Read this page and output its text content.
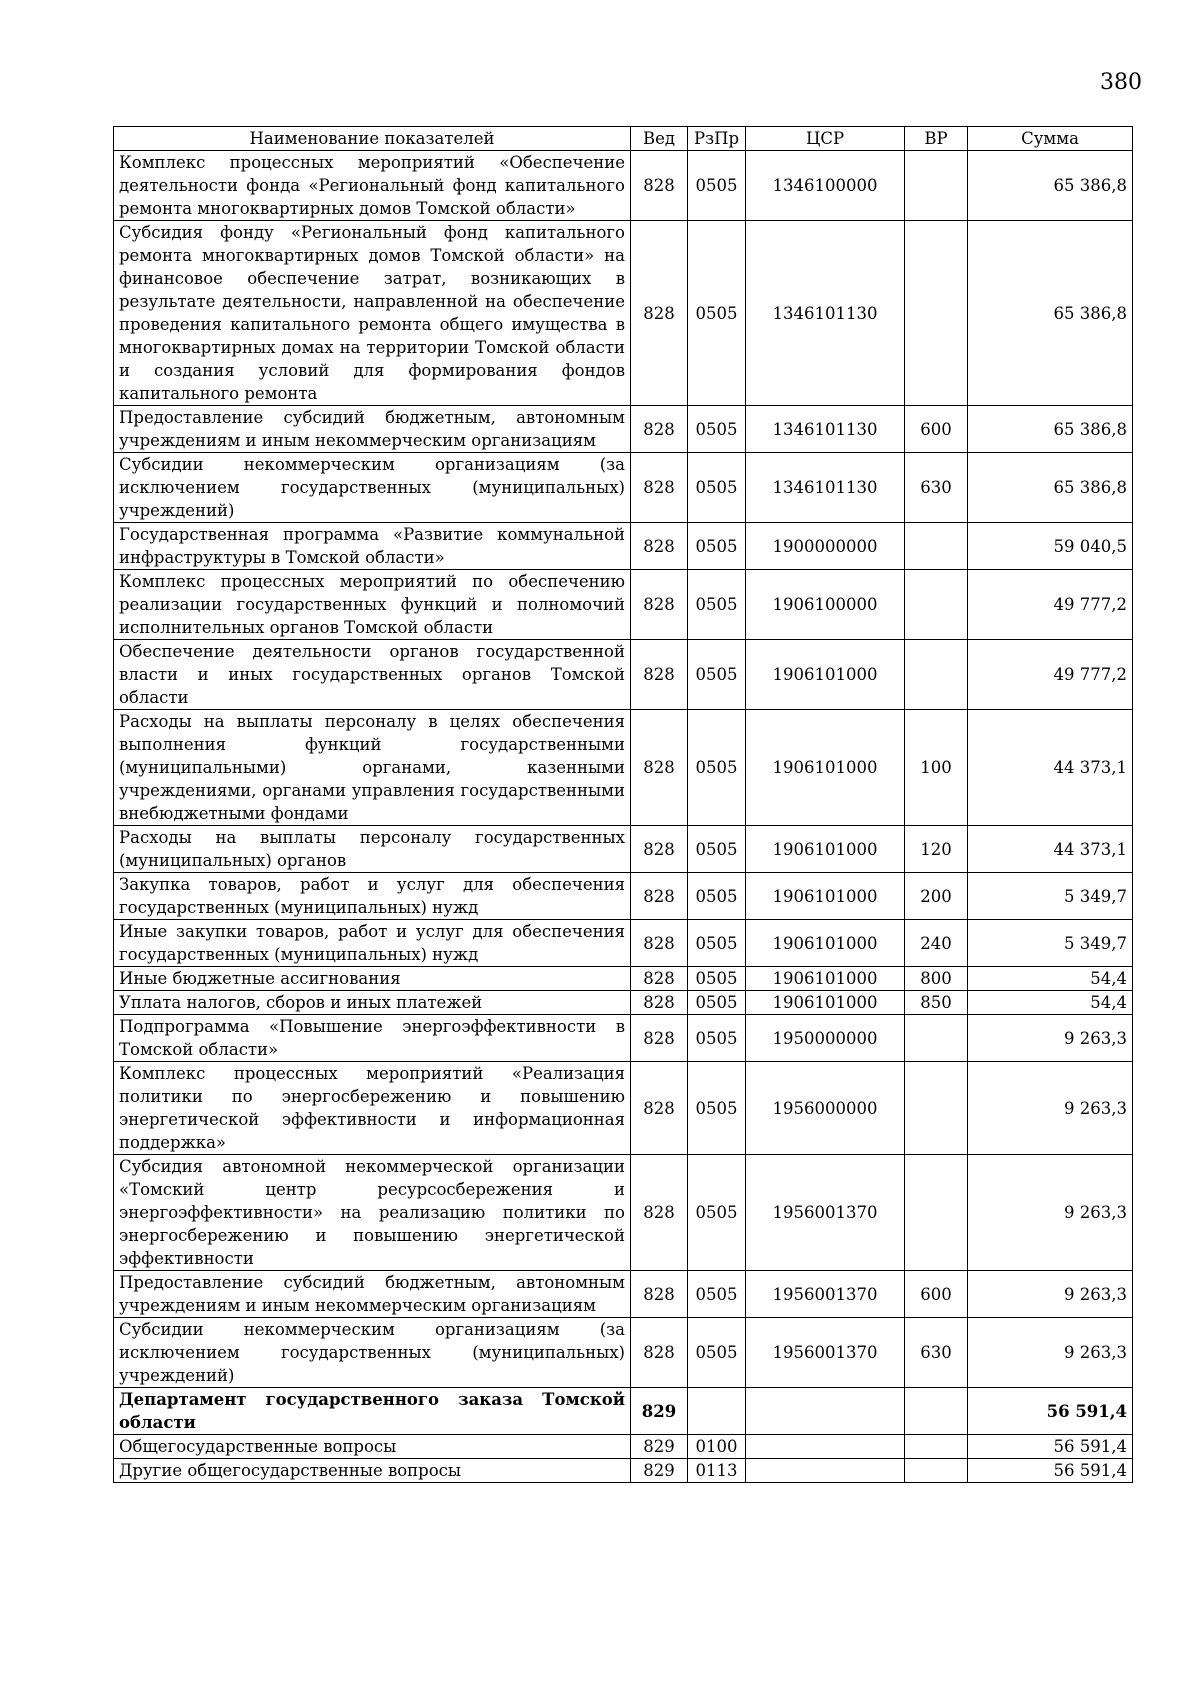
380
Наименование показателей	Вед	РзПр	ЦСР	ВР	Сумма
Комплекс процессных мероприятий «Обеспечение деятельности фонда «Региональный фонд капитального ремонта многоквартирных домов Томской области»	828	0505	1346100000		65 386,8
Субсидия фонду «Региональный фонд капитального ремонта многоквартирных домов Томской области» на финансовое обеспечение затрат, возникающих в результате деятельности, направленной на обеспечение проведения капитального ремонта общего имущества в многоквартирных домах на территории Томской области и создания условий для формирования фондов капитального ремонта	828	0505	1346101130		65 386,8
Предоставление субсидий бюджетным, автономным учреждениям и иным некоммерческим организациям	828	0505	1346101130	600	65 386,8
Субсидии некоммерческим организациям (за исключением государственных (муниципальных) учреждений)	828	0505	1346101130	630	65 386,8
Государственная программа «Развитие коммунальной инфраструктуры в Томской области»	828	0505	1900000000		59 040,5
Комплекс процессных мероприятий по обеспечению реализации государственных функций и полномочий исполнительных органов Томской области	828	0505	1906100000		49 777,2
Обеспечение деятельности органов государственной власти и иных государственных органов Томской области	828	0505	1906101000		49 777,2
Расходы на выплаты персоналу в целях обеспечения выполнения функций государственными (муниципальными) органами, казенными учреждениями, органами управления государственными внебюджетными фондами	828	0505	1906101000	100	44 373,1
Расходы на выплаты персоналу государственных (муниципальных) органов	828	0505	1906101000	120	44 373,1
Закупка товаров, работ и услуг для обеспечения государственных (муниципальных) нужд	828	0505	1906101000	200	5 349,7
Иные закупки товаров, работ и услуг для обеспечения государственных (муниципальных) нужд	828	0505	1906101000	240	5 349,7
Иные бюджетные ассигнования	828	0505	1906101000	800	54,4
Уплата налогов, сборов и иных платежей	828	0505	1906101000	850	54,4
Подпрограмма «Повышение энергоэффективности в Томской области»	828	0505	1950000000		9 263,3
Комплекс процессных мероприятий «Реализация политики по энергосбережению и повышению энергетической эффективности и информационная поддержка»	828	0505	1956000000		9 263,3
Субсидия автономной некоммерческой организации «Томский центр ресурсосбережения и энергоэффективности» на реализацию политики по энергосбережению и повышению энергетической эффективности	828	0505	1956001370		9 263,3
Предоставление субсидий бюджетным, автономным учреждениям и иным некоммерческим организациям	828	0505	1956001370	600	9 263,3
Субсидии некоммерческим организациям (за исключением государственных (муниципальных) учреждений)	828	0505	1956001370	630	9 263,3
Департамент государственного заказа Томской области	829				56 591,4
Общегосударственные вопросы	829	0100			56 591,4
Другие общегосударственные вопросы	829	0113			56 591,4
